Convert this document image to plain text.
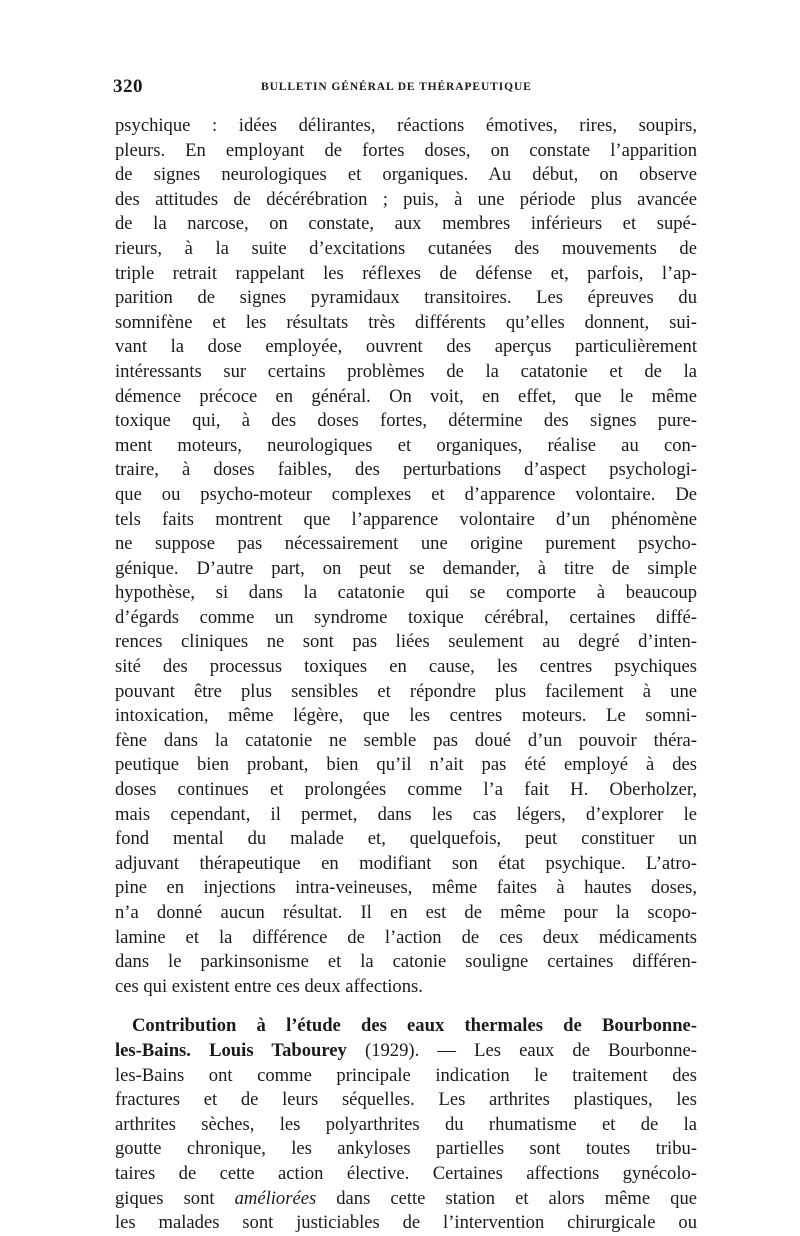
320	BULLETIN GÉNÉRAL DE THÉRAPEUTIQUE
psychique : idées délirantes, réactions émotives, rires, soupirs,
pleurs. En employant de fortes doses, on constate l’apparition
de signes neurologiques et organiques. Au début, on observe
des attitudes de décérébration ; puis, à une période plus avancée
de la narcose, on constate, aux membres inférieurs et supé-
rieurs, à la suite d’excitations cutanées des mouvements de
triple retrait rappelant les réflexes de défense et, parfois, l’ap-
parition de signes pyramidaux transitoires. Les épreuves du
somnifène et les résultats très différents qu’elles donnent, sui-
vant la dose employée, ouvrent des aperçus particulièrement
intéressants sur certains problèmes de la catatonie et de la
démence précoce en général. On voit, en effet, que le même
toxique qui, à des doses fortes, détermine des signes pure-
ment moteurs, neurologiques et organiques, réalise au con-
traire, à doses faibles, des perturbations d’aspect psychologi-
que ou psycho-moteur complexes et d’apparence volontaire. De
tels faits montrent que l’apparence volontaire d’un phénomène
ne suppose pas nécessairement une origine purement psycho-
génique. D’autre part, on peut se demander, à titre de simple
hypothèse, si dans la catatonie qui se comporte à beaucoup
d’égards comme un syndrome toxique cérébral, certaines diffé-
rences cliniques ne sont pas liées seulement au degré d’inten-
sité des processus toxiques en cause, les centres psychiques
pouvant être plus sensibles et répondre plus facilement à une
intoxication, même légère, que les centres moteurs. Le somni-
fène dans la catatonie ne semble pas doué d’un pouvoir théra-
peutique bien probant, bien qu’il n’ait pas été employé à des
doses continues et prolongées comme l’a fait H. Oberholzer,
mais cependant, il permet, dans les cas légers, d’explorer le
fond mental du malade et, quelquefois, peut constituer un
adjuvant thérapeutique en modifiant son état psychique. L’atro-
pine en injections intra-veineuses, même faites à hautes doses,
n’a donné aucun résultat. Il en est de même pour la scopo-
lamine et la différence de l’action de ces deux médicaments
dans le parkinsonisme et la catonie souligne certaines différen-
ces qui existent entre ces deux affections.
Contribution à l’étude des eaux thermales de Bourbonne-
les-Bains. Louis Tabourey (1929). — Les eaux de Bourbonne-
les-Bains ont comme principale indication le traitement des
fractures et de leurs séquelles. Les arthrites plastiques, les
arthrites sèches, les polyarthrites du rhumatisme et de la
goutte chronique, les ankyloses partielles sont toutes tribu-
taires de cette action élective. Certaines affections gynécolo-
giques sont améliorées dans cette station et alors même que
les malades sont justiciables de l’intervention chirurgicale ou
